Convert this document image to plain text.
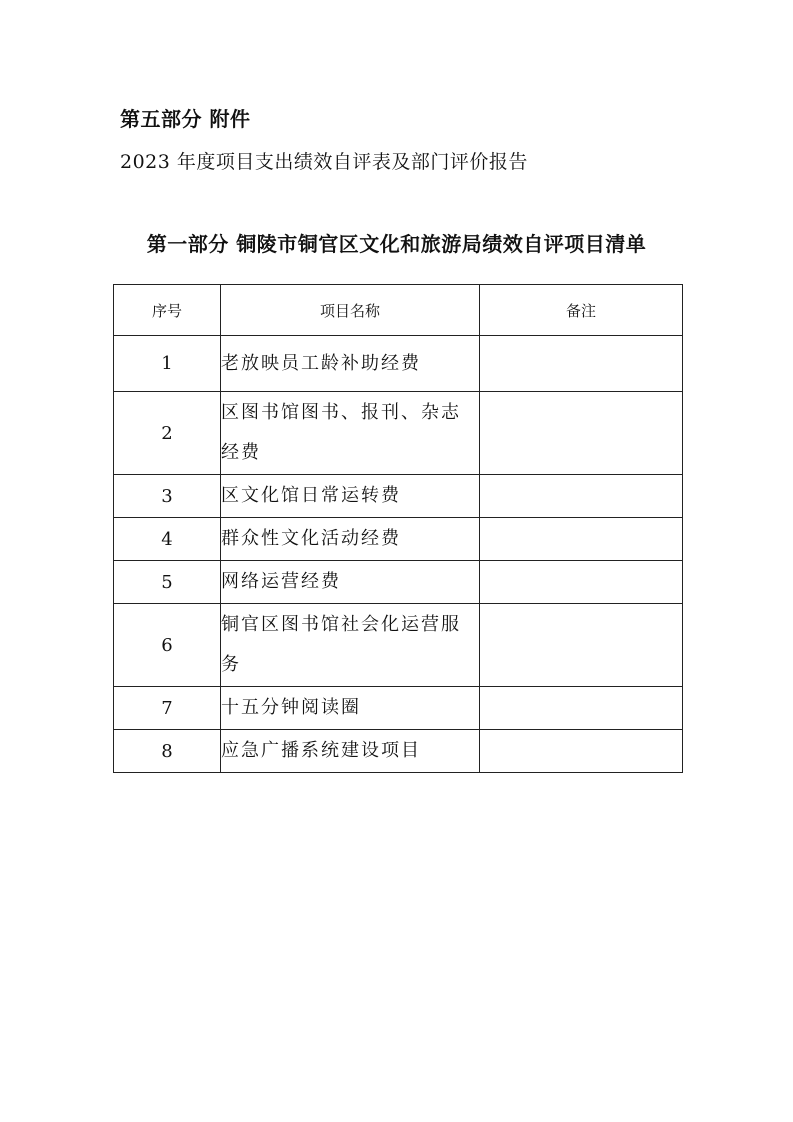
第五部分 附件
2023 年度项目支出绩效自评表及部门评价报告
第一部分 铜陵市铜官区文化和旅游局绩效自评项目清单
序号	项目名称	备注
1	老放映员工龄补助经费	
2	区图书馆图书、报刊、杂志经费	
3	区文化馆日常运转费	
4	群众性文化活动经费	
5	网络运营经费	
6	铜官区图书馆社会化运营服务	
7	十五分钟阅读圈	
8	应急广播系统建设项目	
